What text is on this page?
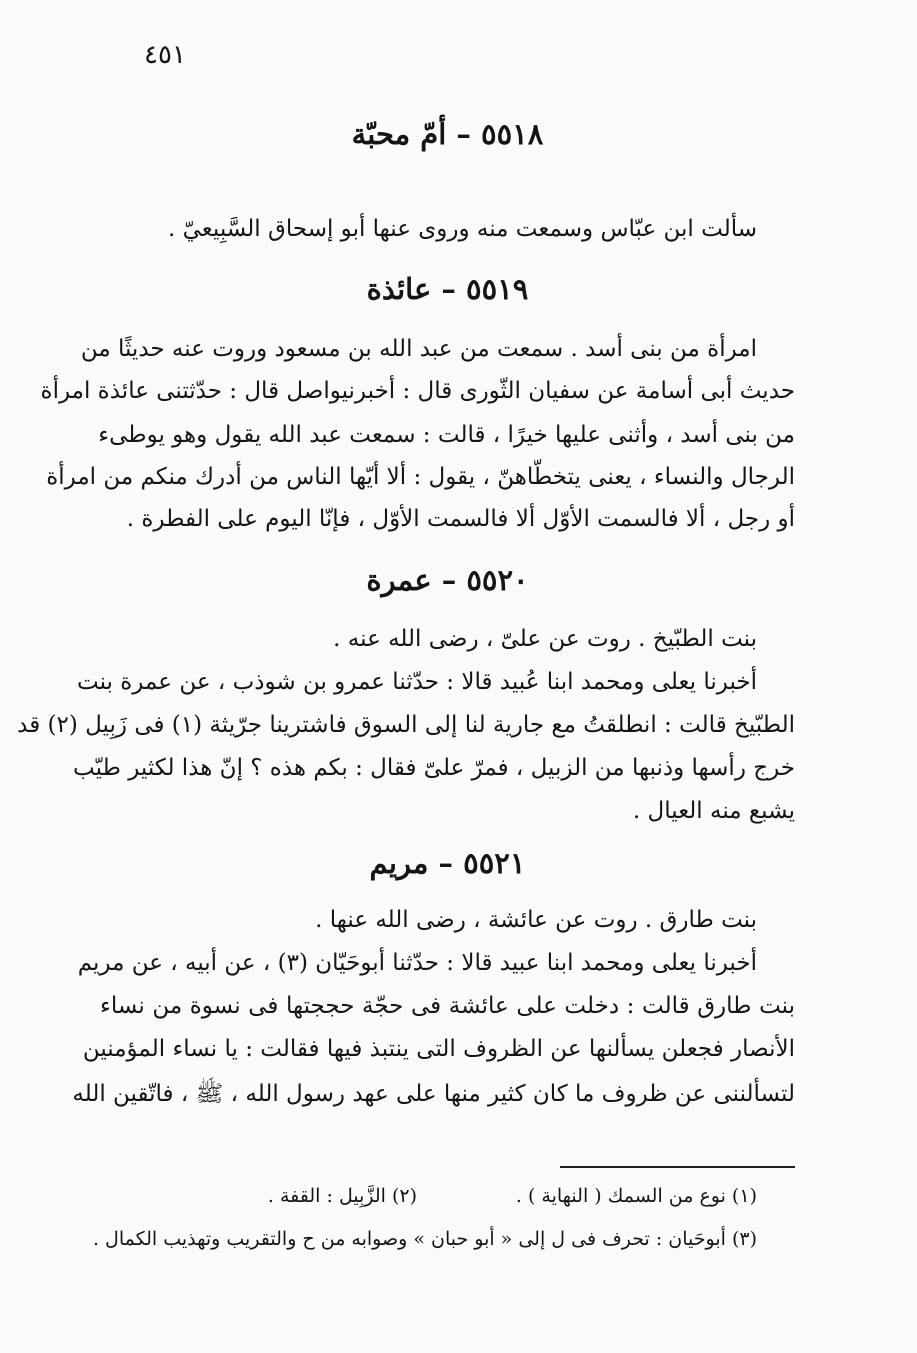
٤٥١
٥٥١٨ – أمّ محبّة
سألت ابن عبّاس وسمعت منه وروى عنها أبو إسحاق السَّبِيعيّ .
٥٥١٩ – عائذة
امرأة من بنى أسد . سمعت من عبد الله بن مسعود وروت عنه حديثًا من
حديث أبى أسامة عن سفيان الثّورى قال : أخبرنيواصل قال : حدّثتنى عائذة امرأة
من بنى أسد ، وأثنى عليها خيرًا ، قالت : سمعت عبد الله يقول وهو يوطىء
الرجال والنساء ، يعنى يتخطّاهنّ ، يقول : ألا أيّها الناس من أدرك منكم من امرأة
أو رجل ، ألا فالسمت الأوّل ألا فالسمت الأوّل ، فإنّا اليوم على الفطرة .
٥٥٢٠ – عمرة
بنت الطبّيخ . روت عن علىّ ، رضى الله عنه .
أخبرنا يعلى ومحمد ابنا عُبيد قالا : حدّثنا عمرو بن شوذب ، عن عمرة بنت
الطبّيخ قالت : انطلقتُ مع جارية لنا إلى السوق فاشترينا جرّيثة (١) فى زَبِيل (٢) قد
خرج رأسها وذنبها من الزبيل ، فمرّ علىّ فقال : بكم هذه ؟ إنّ هذا لكثير طيّب
يشبع منه العيال .
٥٥٢١ – مريم
بنت طارق . روت عن عائشة ، رضى الله عنها .
أخبرنا يعلى ومحمد ابنا عبيد قالا : حدّثنا أبوحَيّان (٣) ، عن أبيه ، عن مريم
بنت طارق قالت : دخلت على عائشة فى حجّة حججتها فى نسوة من نساء
الأنصار فجعلن يسألنها عن الظروف التى ينتبذ فيها فقالت : يا نساء المؤمنين
لتسألننى عن ظروف ما كان كثير منها على عهد رسول الله ، ﷺ ، فاتّقين الله
(١) نوع من السمك ( النهاية ) .
(٢) الزَّبِيل : القفة .
(٣) أبوحَيان : تحرف فى ل إلى « أبو حبان » وصوابه من ح والتقريب وتهذيب الكمال .
